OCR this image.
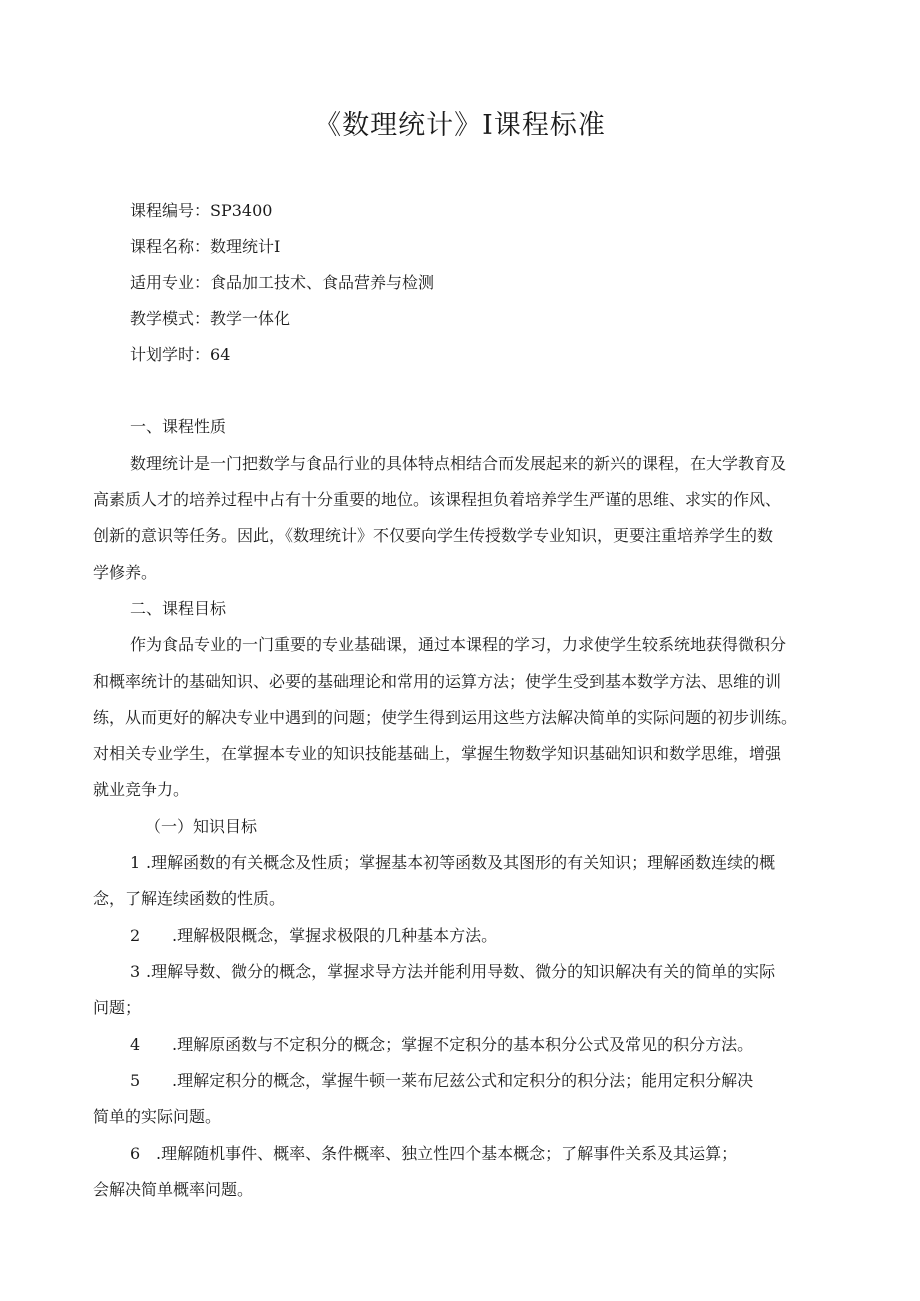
《数理统计》Ⅰ课程标准
课程编号：SP3400
课程名称：数理统计Ⅰ
适用专业：食品加工技术、食品营养与检测
教学模式：教学一体化
计划学时：64
一、课程性质
数理统计是一门把数学与食品行业的具体特点相结合而发展起来的新兴的课程，在大学教育及
高素质人才的培养过程中占有十分重要的地位。该课程担负着培养学生严谨的思维、求实的作风、
创新的意识等任务。因此，《数理统计》不仅要向学生传授数学专业知识，更要注重培养学生的数
学修养。
二、课程目标
作为食品专业的一门重要的专业基础课，通过本课程的学习，力求使学生较系统地获得微积分
和概率统计的基础知识、必要的基础理论和常用的运算方法；使学生受到基本数学方法、思维的训
练，从而更好的解决专业中遇到的问题；使学生得到运用这些方法解决简单的实际问题的初步训练。
对相关专业学生，在掌握本专业的知识技能基础上，掌握生物数学知识基础知识和数学思维，增强
就业竞争力。
（一）知识目标
1 .理解函数的有关概念及性质；掌握基本初等函数及其图形的有关知识；理解函数连续的概
念，了解连续函数的性质。
2 .理解极限概念，掌握求极限的几种基本方法。
3 .理解导数、微分的概念，掌握求导方法并能利用导数、微分的知识解决有关的简单的实际
问题；
4 .理解原函数与不定积分的概念；掌握不定积分的基本积分公式及常见的积分方法。
5 .理解定积分的概念，掌握牛顿一莱布尼兹公式和定积分的积分法；能用定积分解决
简单的实际问题。
6 .理解随机事件、概率、条件概率、独立性四个基本概念；了解事件关系及其运算；
会解决简单概率问题。
